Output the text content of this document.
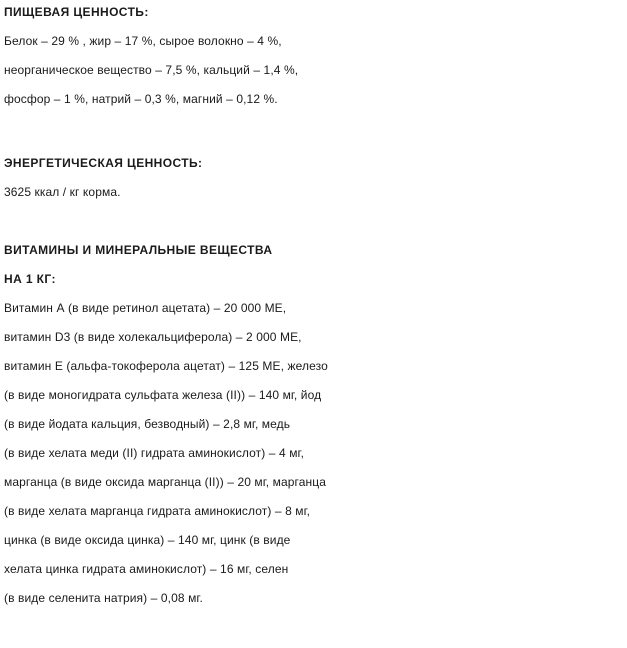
ПИЩЕВАЯ ЦЕННОСТЬ:

Белок – 29 % , жир – 17 %, сырое волокно – 4 %,

неорганическое вещество – 7,5 %, кальций – 1,4 %,

фосфор – 1 %, натрий – 0,3 %, магний – 0,12 %.

ЭНЕРГЕТИЧЕСКАЯ ЦЕННОСТЬ:

3625 ккал / кг корма.

ВИТАМИНЫ И МИНЕРАЛЬНЫЕ ВЕЩЕСТВА

НА 1 КГ:

Витамин А (в виде ретинол ацетата) – 20 000 МЕ,

витамин D3 (в виде холекальциферола) – 2 000 МЕ,

витамин Е (альфа-токоферола ацетат) – 125 МЕ, железо

(в виде моногидрата сульфата железа (II)) – 140 мг, йод

(в виде йодата кальция, безводный) – 2,8 мг, медь

(в виде хелата меди (II) гидрата аминокислот) – 4 мг,

марганца (в виде оксида марганца (II)) – 20 мг, марганца

(в виде хелата марганца гидрата аминокислот) – 8 мг,

цинка (в виде оксида цинка) – 140 мг, цинк (в виде

хелата цинка гидрата аминокислот) – 16 мг, селен

(в виде селенита натрия) – 0,08 мг.
